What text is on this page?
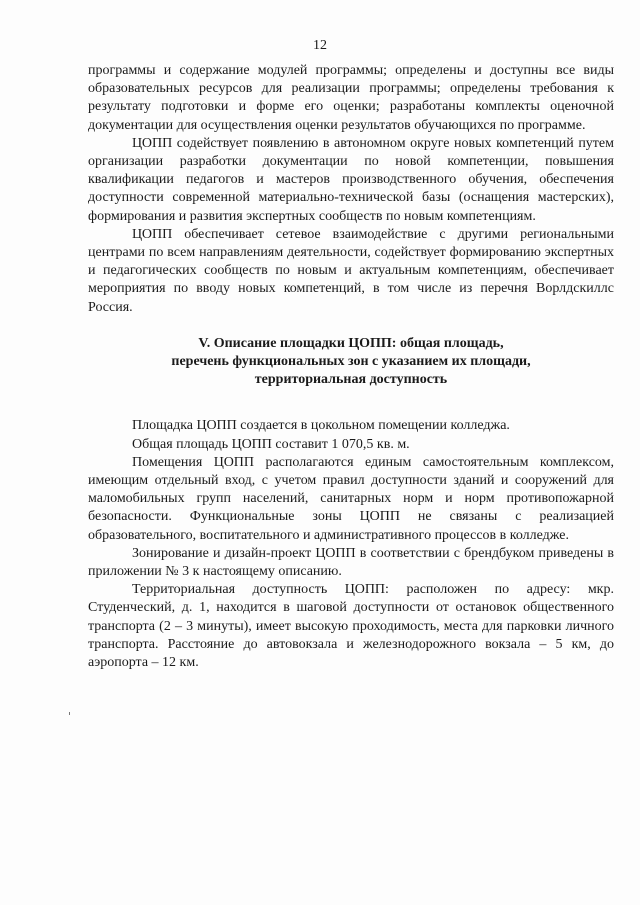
12

программы и содержание модулей программы; определены и доступны все виды образовательных ресурсов для реализации программы; определены требования к результату подготовки и форме его оценки; разработаны комплекты оценочной документации для осуществления оценки результатов обучающихся по программе.

ЦОПП содействует появлению в автономном округе новых компетенций путем организации разработки документации по новой компетенции, повышения квалификации педагогов и мастеров производственного обучения, обеспечения доступности современной материально-технической базы (оснащения мастерских), формирования и развития экспертных сообществ по новым компетенциям.

ЦОПП обеспечивает сетевое взаимодействие с другими региональными центрами по всем направлениям деятельности, содействует формированию экспертных и педагогических сообществ по новым и актуальным компетенциям, обеспечивает мероприятия по вводу новых компетенций, в том числе из перечня Ворлдскиллс Россия.

V. Описание площадки ЦОПП: общая площадь,

перечень функциональных зон с указанием их площади,

территориальная доступность

Площадка ЦОПП создается в цокольном помещении колледжа.

Общая площадь ЦОПП составит 1 070,5 кв. м.

Помещения ЦОПП располагаются единым самостоятельным комплексом, имеющим отдельный вход, с учетом правил доступности зданий и сооружений для маломобильных групп населений, санитарных норм и норм противопожарной безопасности. Функциональные зоны ЦОПП не связаны с реализацией образовательного, воспитательного и административного процессов в колледже.

Зонирование и дизайн-проект ЦОПП в соответствии с брендбуком приведены в приложении № 3 к настоящему описанию.

Территориальная доступность ЦОПП: расположен по адресу: мкр. Студенческий, д. 1, находится в шаговой доступности от остановок общественного транспорта (2 – 3 минуты), имеет высокую проходимость, места для парковки личного транспорта. Расстояние до автовокзала и железнодорожного вокзала – 5 км, до аэропорта – 12 км.
